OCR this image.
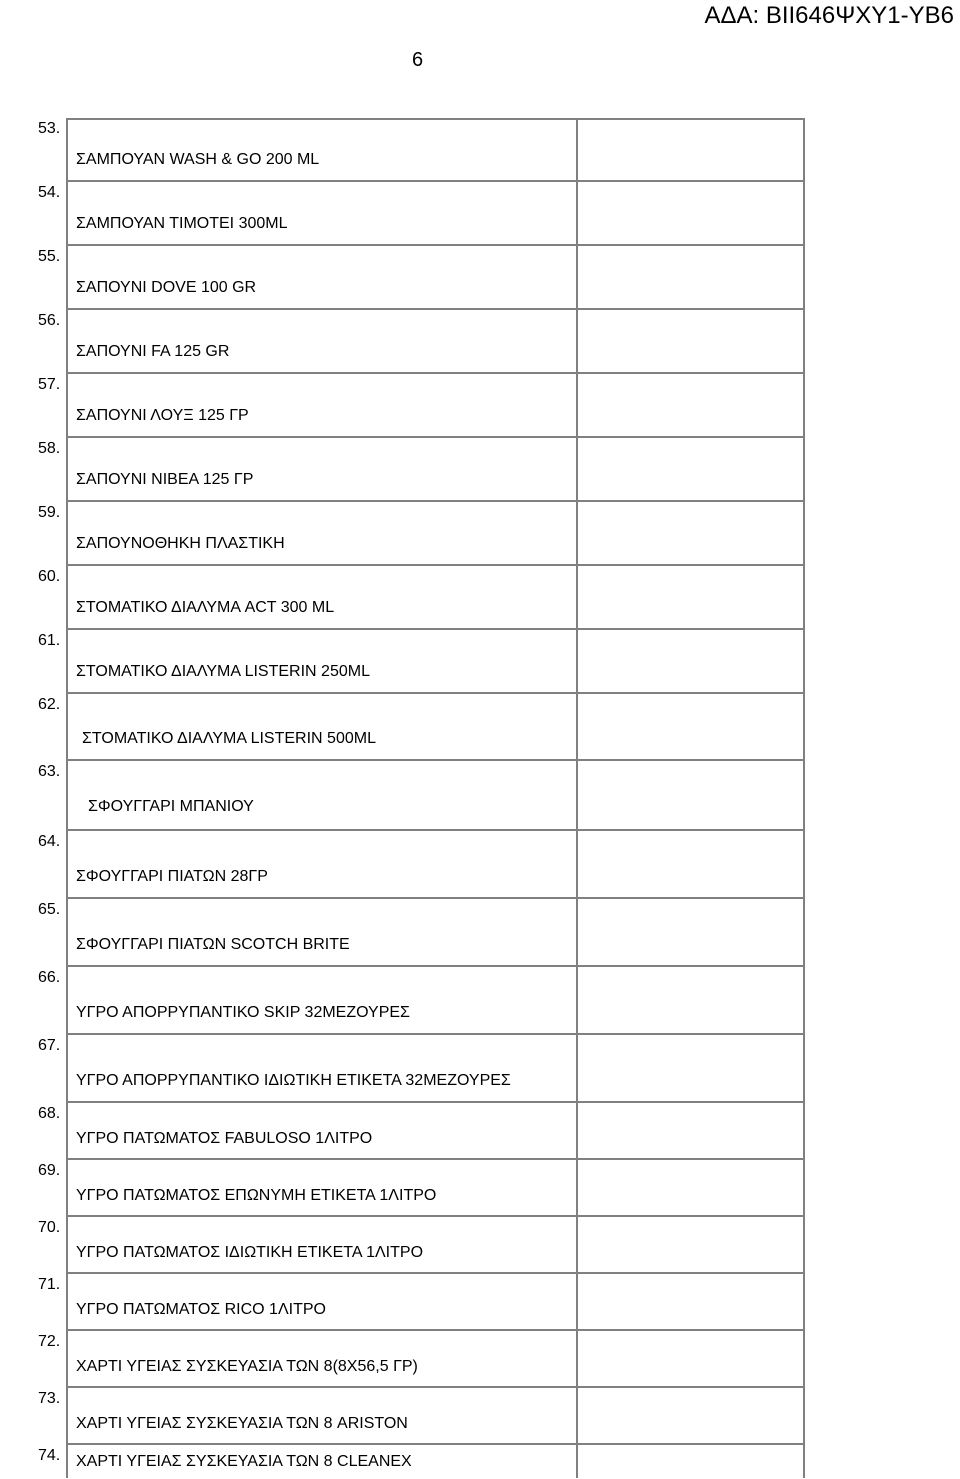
ΑΔΑ: ΒΙΙ646ΨΧΥ1-ΥΒ6
6
53.
ΣΑΜΠΟΥΑΝ WASH & GO 200 ML
54.
ΣΑΜΠΟΥΑΝ ΤΙΜΟΤΕΙ 300ML
55.
ΣΑΠΟΥΝΙ DOVE 100 GR
56.
ΣΑΠΟΥΝΙ FA 125 GR
57.
ΣΑΠΟΥΝΙ ΛΟΥΞ 125 ΓΡ
58.
ΣΑΠΟΥΝΙ ΝΙΒΕΑ 125 ΓΡ
59.
ΣΑΠΟΥΝΟΘΗΚΗ ΠΛΑΣΤΙΚΗ
60.
ΣΤΟΜΑΤΙΚΟ ΔΙΑΛΥΜΑ ACT 300 ML
61.
ΣΤΟΜΑΤΙΚΟ ΔΙΑΛΥΜΑ LISTERIN 250ML
62.
ΣΤΟΜΑΤΙΚΟ ΔΙΑΛΥΜΑ LISTERIN 500ML
63.
ΣΦΟΥΓΓΑΡΙ ΜΠΑΝΙΟΥ
64.
ΣΦΟΥΓΓΑΡΙ ΠΙΑΤΩΝ 28ΓΡ
65.
ΣΦΟΥΓΓΑΡΙ ΠΙΑΤΩΝ SCOTCH BRITE
66.
ΥΓΡΟ ΑΠΟΡΡΥΠΑΝΤΙΚΟ SKIP 32ΜΕΖΟΥΡΕΣ
67.
ΥΓΡΟ ΑΠΟΡΡΥΠΑΝΤΙΚΟ ΙΔΙΩΤΙΚΗ ΕΤΙΚΕΤΑ 32ΜΕΖΟΥΡΕΣ
68.
ΥΓΡΟ ΠΑΤΩΜΑΤΟΣ FABULOSO 1ΛΙΤΡΟ
69.
ΥΓΡΟ ΠΑΤΩΜΑΤΟΣ ΕΠΩΝΥΜΗ ΕΤΙΚΕΤΑ 1ΛΙΤΡΟ
70.
ΥΓΡΟ ΠΑΤΩΜΑΤΟΣ ΙΔΙΩΤΙΚΗ ΕΤΙΚΕΤΑ 1ΛΙΤΡΟ
71.
ΥΓΡΟ ΠΑΤΩΜΑΤΟΣ RICO 1ΛΙΤΡΟ
72.
ΧΑΡΤΙ ΥΓΕΙΑΣ ΣΥΣΚΕΥΑΣΙΑ ΤΩΝ 8(8Χ56,5 ΓΡ)
73.
ΧΑΡΤΙ ΥΓΕΙΑΣ ΣΥΣΚΕΥΑΣΙΑ ΤΩΝ 8 ARISTON
74. ΧΑΡΤΙ ΥΓΕΙΑΣ ΣΥΣΚΕΥΑΣΙΑ ΤΩΝ 8 CLEANEX
